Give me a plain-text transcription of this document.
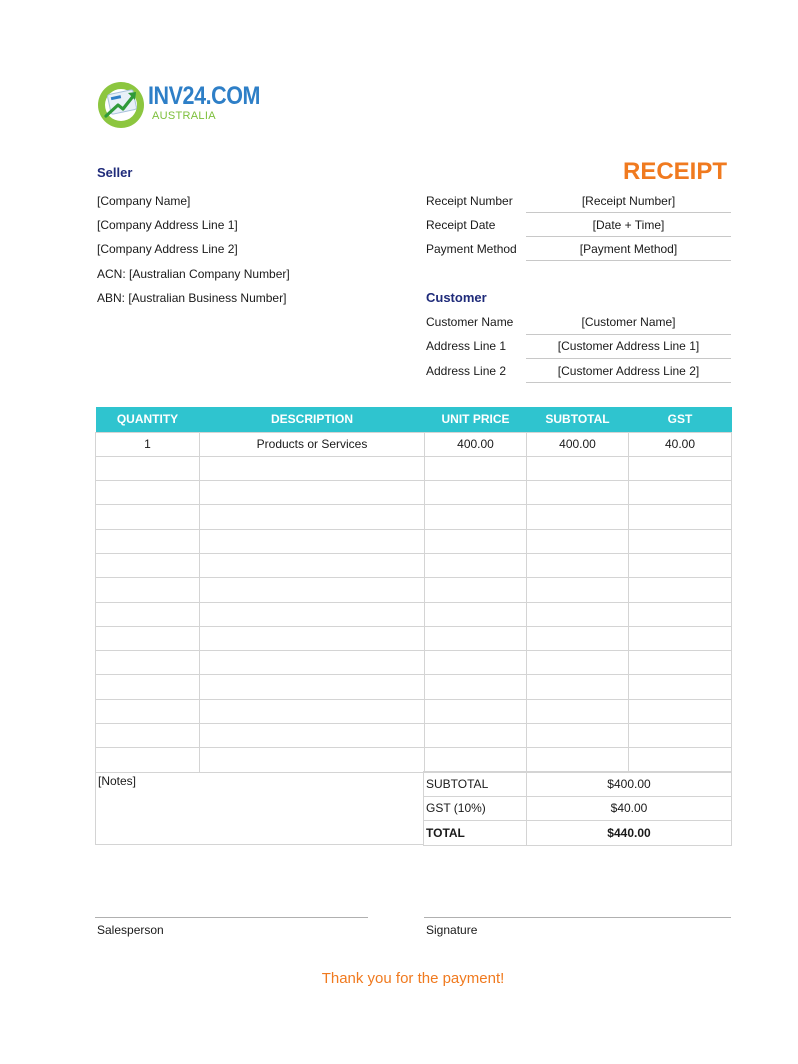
INV24.COM
AUSTRALIA
Seller	RECEIPT
[Company Name]
[Company Address Line 1]
[Company Address Line 2]
ACN: [Australian Company Number]
ABN: [Australian Business Number]
Receipt Number	[Receipt Number]
Receipt Date	[Date + Time]
Payment Method	[Payment Method]
Customer
Customer Name	[Customer Name]
Address Line 1	[Customer Address Line 1]
Address Line 2	[Customer Address Line 2]
QUANTITY	DESCRIPTION	UNIT PRICE	SUBTOTAL	GST
1	Products or Services	400.00	400.00	40.00

[Notes]	SUBTOTAL	$400.00
GST (10%)	$40.00
TOTAL	$440.00
Salesperson	Signature
Thank you for the payment!
